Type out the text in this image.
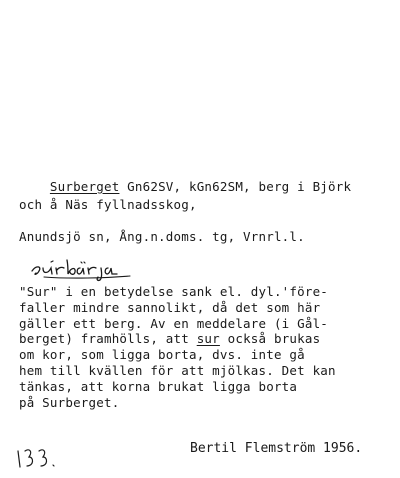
Surberget Gn62SV, kGn62SM, berg i Björk

och å Näs fyllnadsskog,
Anundsjö sn, Ång.n.doms. tg, Vrnrl.l.
"Sur" i en betydelse sank el. dyl.'före-
faller mindre sannolikt, då det som här
gäller ett berg. Av en meddelare (i Gål-
berget) framhölls, att sur också brukas
om kor, som ligga borta, dvs. inte gå
hem till kvällen för att mjölkas. Det kan
tänkas, att korna brukat ligga borta
på Surberget.
Bertil Flemström 1956.
